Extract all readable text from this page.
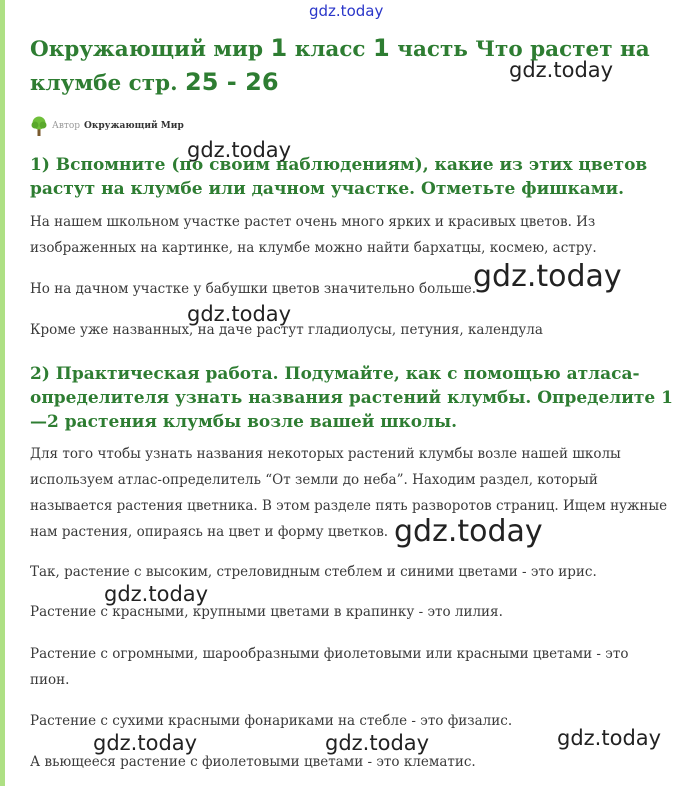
gdz.today
Окружающий мир 1 класс 1 часть Что растет на клумбе стр. 25 - 26
Автор Окружающий Мир
1) Вспомните (по своим наблюдениям), какие из этих цветов растут на клумбе или дачном участке. Отметьте фишками.

На нашем школьном участке растет очень много ярких и красивых цветов. Из изображенных на картинке, на клумбе можно найти бархатцы, космею, астру.

Но на дачном участке у бабушки цветов значительно больше.

Кроме уже названных, на даче растут гладиолусы, петуния, календула

2) Практическая работа. Подумайте, как с помощью атласа-определителя узнать названия растений клумбы. Определите 1—2 растения клумбы возле вашей школы.

Для того чтобы узнать названия некоторых растений клумбы возле нашей школы используем атлас-определитель “От земли до неба”. Находим раздел, который называется растения цветника. В этом разделе пять разворотов страниц. Ищем нужные нам растения, опираясь на цвет и форму цветков.

Так, растение с высоким, стреловидным стеблем и синими цветами - это ирис.

Растение с красными, крупными цветами в крапинку - это лилия.

Растение с огромными, шарообразными фиолетовыми или красными цветами - это пион.

Растение с сухими красными фонариками на стебле - это физалис.

А вьющееся растение с фиолетовыми цветами - это клематис.

gdz.today
gdz.today
gdz.today
gdz.today
gdz.today
gdz.today
gdz.today
gdz.today	gdz.today
